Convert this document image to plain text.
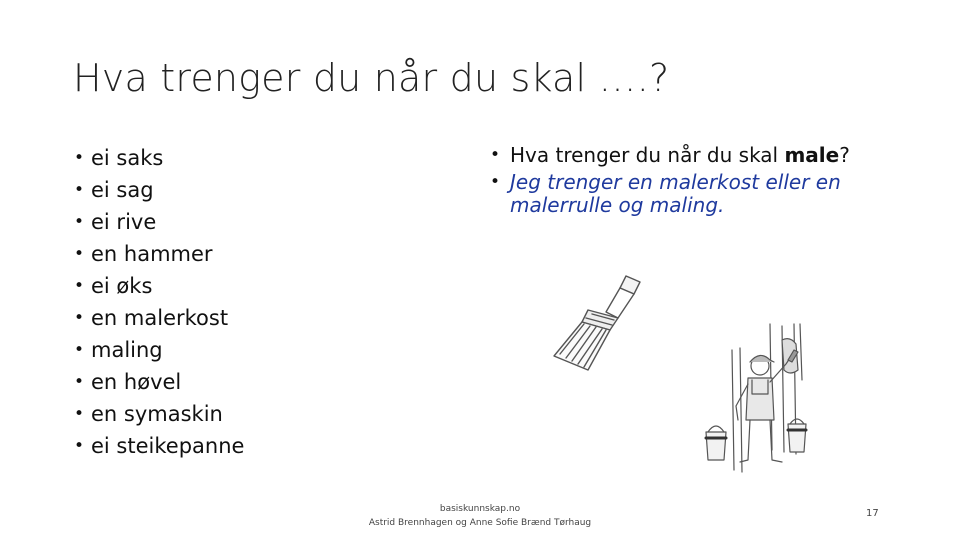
Hva trenger du når du skal ….?
• ei saks
• ei sag
• ei rive
• en hammer
• ei øks
• en malerkost
• maling
• en høvel
• en symaskin
• ei steikepanne
• Hva trenger du når du skal male?
• Jeg trenger en malerkost eller en malerrulle og maling.
basiskunnskap.no
Astrid Brennhagen og Anne Sofie Brænd Tørhaug
17
